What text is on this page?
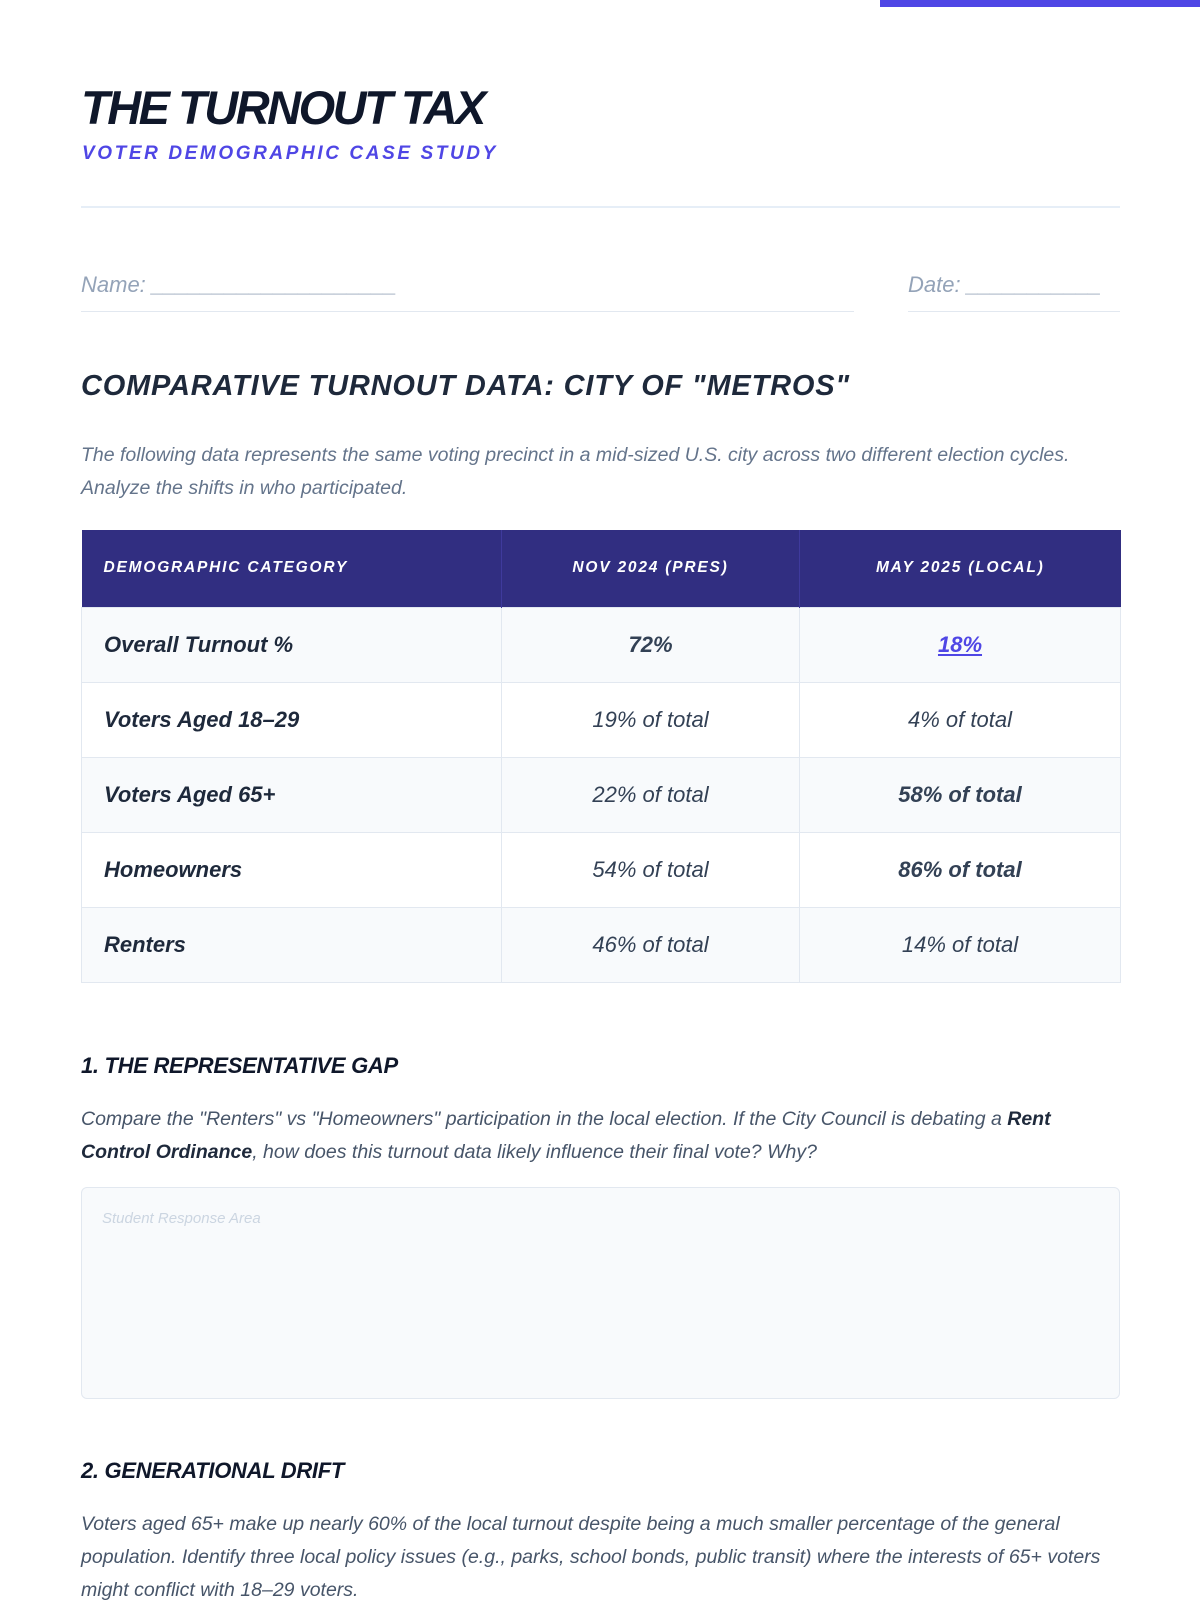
THE TURNOUT TAX
VOTER DEMOGRAPHIC CASE STUDY
Name: ____________________	Date: ___________
COMPARATIVE TURNOUT DATA: CITY OF "METROS"

The following data represents the same voting precinct in a mid-sized U.S. city across two different election cycles. Analyze the shifts in who participated.

DEMOGRAPHIC CATEGORY	NOV 2024 (PRES)	MAY 2025 (LOCAL)
Overall Turnout %	72%	18%
Voters Aged 18–29	19% of total	4% of total
Voters Aged 65+	22% of total	58% of total
Homeowners	54% of total	86% of total
Renters	46% of total	14% of total
1. THE REPRESENTATIVE GAP

Compare the "Renters" vs "Homeowners" participation in the local election. If the City Council is debating a Rent Control Ordinance, how does this turnout data likely influence their final vote? Why?

Student Response Area
2. GENERATIONAL DRIFT

Voters aged 65+ make up nearly 60% of the local turnout despite being a much smaller percentage of the general population. Identify three local policy issues (e.g., parks, school bonds, public transit) where the interests of 65+ voters might conflict with 18–29 voters.
